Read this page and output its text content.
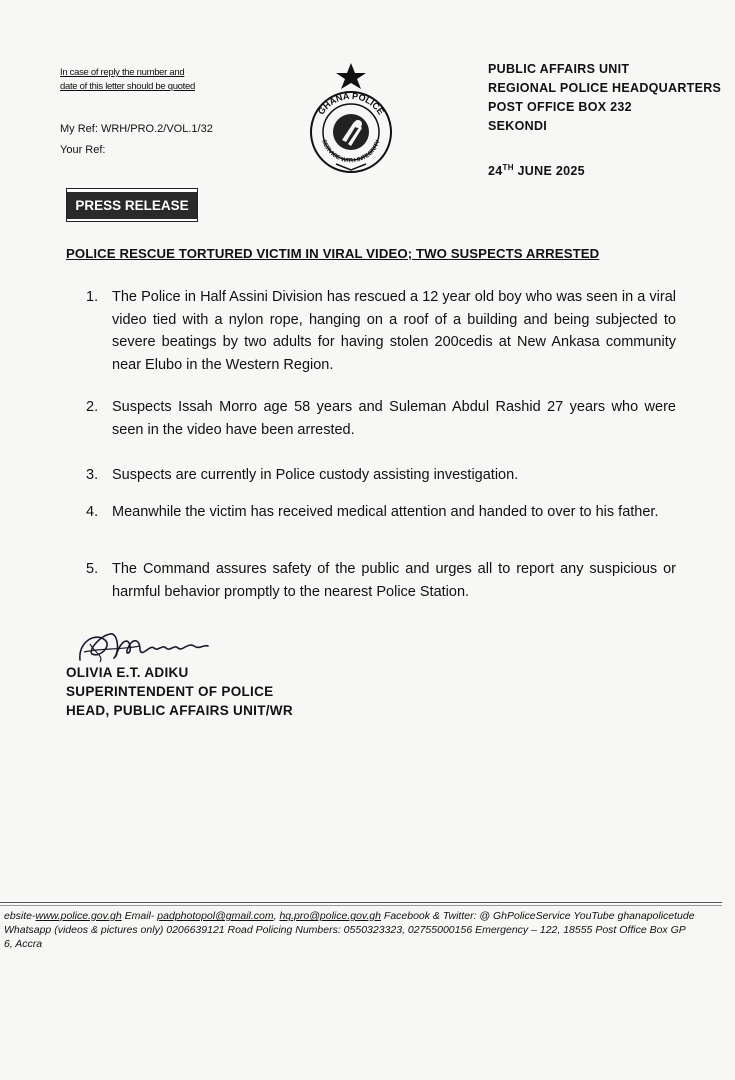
In case of reply the number and date of this letter should be quoted
My Ref: WRH/PRO.2/VOL.1/32
Your Ref:
GHANA POLICE
SERVICE WITH INTEGRITY
PUBLIC AFFAIRS UNIT
REGIONAL POLICE HEADQUARTERS
POST OFFICE BOX 232
SEKONDI
24TH JUNE 2025
PRESS RELEASE
POLICE RESCUE TORTURED VICTIM IN VIRAL VIDEO; TWO SUSPECTS ARRESTED
1. The Police in Half Assini Division has rescued a 12 year old boy who was seen in a viral video tied with a nylon rope, hanging on a roof of a building and being subjected to severe beatings by two adults for having stolen 200cedis at New Ankasa community near Elubo in the Western Region.
2. Suspects Issah Morro age 58 years and Suleman Abdul Rashid 27 years who were seen in the video have been arrested.
3. Suspects are currently in Police custody assisting investigation.
4. Meanwhile the victim has received medical attention and handed to over to his father.
5. The Command assures safety of the public and urges all to report any suspicious or harmful behavior promptly to the nearest Police Station.
OLIVIA E.T. ADIKU
SUPERINTENDENT OF POLICE
HEAD, PUBLIC AFFAIRS UNIT/WR
ebsite-www.police.gov.gh Email- padphotopol@gmail.com, hq.pro@police.gov.gh Facebook & Twitter: @ GhPoliceService YouTube ghanapolicetude
Whatsapp (videos & pictures only) 0206639121 Road Policing Numbers: 0550323323, 02755000156 Emergency – 122, 18555 Post Office Box GP
6, Accra
